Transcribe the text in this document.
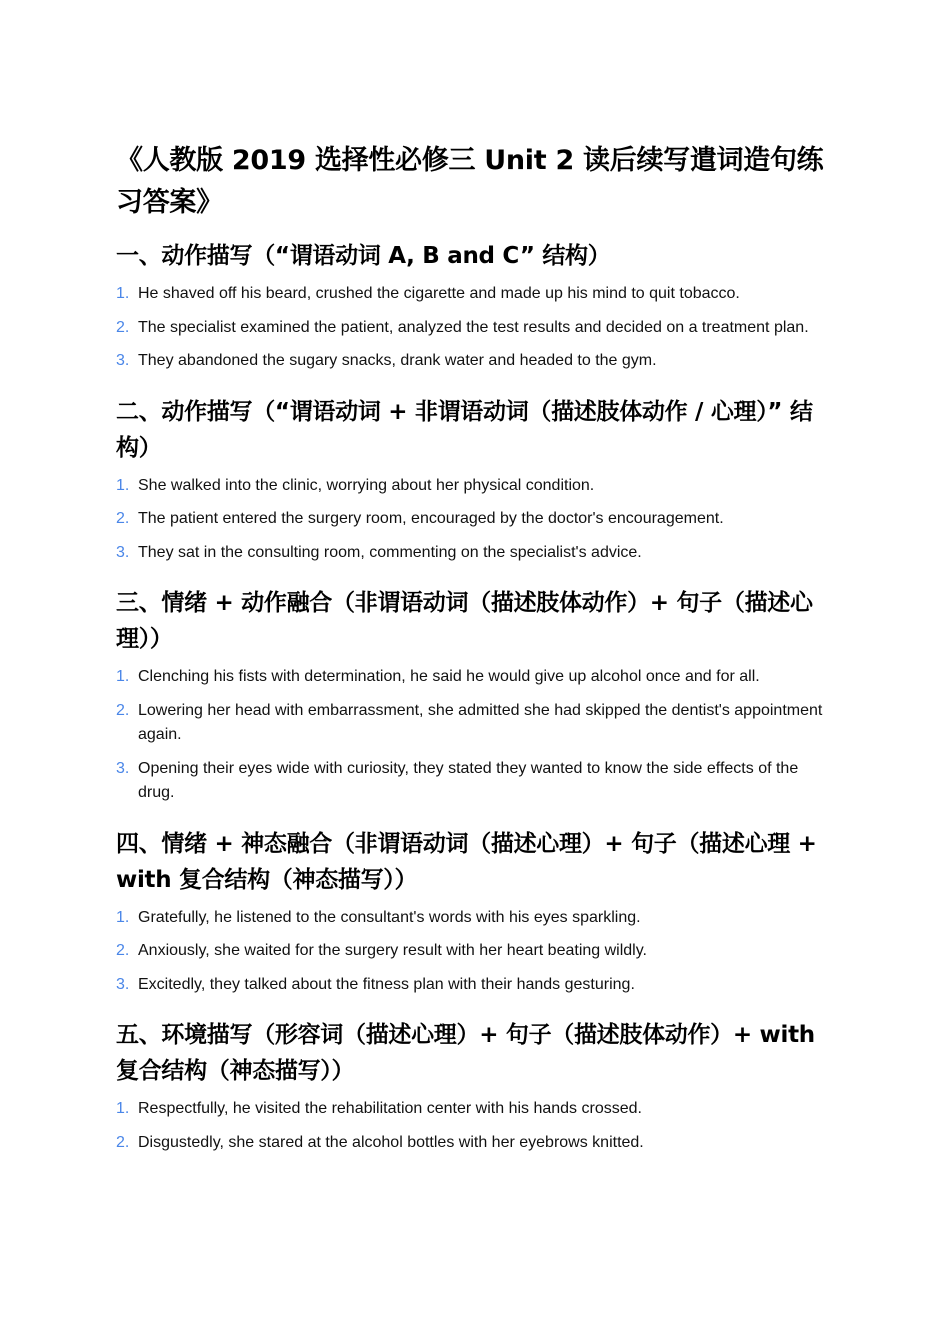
《人教版 2019 选择性必修三 Unit 2 读后续写遣词造句练习答案》
一、动作描写（“谓语动词 A, B and C” 结构）
1. He shaved off his beard, crushed the cigarette and made up his mind to quit tobacco.
2. The specialist examined the patient, analyzed the test results and decided on a treatment plan.
3. They abandoned the sugary snacks, drank water and headed to the gym.
二、动作描写（“谓语动词 + 非谓语动词（描述肢体动作 / 心理）” 结构）
1. She walked into the clinic, worrying about her physical condition.
2. The patient entered the surgery room, encouraged by the doctor's encouragement.
3. They sat in the consulting room, commenting on the specialist's advice.
三、情绪 + 动作融合（非谓语动词（描述肢体动作）+ 句子（描述心理））
1. Clenching his fists with determination, he said he would give up alcohol once and for all.
2. Lowering her head with embarrassment, she admitted she had skipped the dentist's appointment again.
3. Opening their eyes wide with curiosity, they stated they wanted to know the side effects of the drug.
四、情绪 + 神态融合（非谓语动词（描述心理）+ 句子（描述心理 + with 复合结构（神态描写））
1. Gratefully, he listened to the consultant's words with his eyes sparkling.
2. Anxiously, she waited for the surgery result with her heart beating wildly.
3. Excitedly, they talked about the fitness plan with their hands gesturing.
五、环境描写（形容词（描述心理）+ 句子（描述肢体动作）+ with 复合结构（神态描写））
1. Respectfully, he visited the rehabilitation center with his hands crossed.
2. Disgustedly, she stared at the alcohol bottles with her eyebrows knitted.
